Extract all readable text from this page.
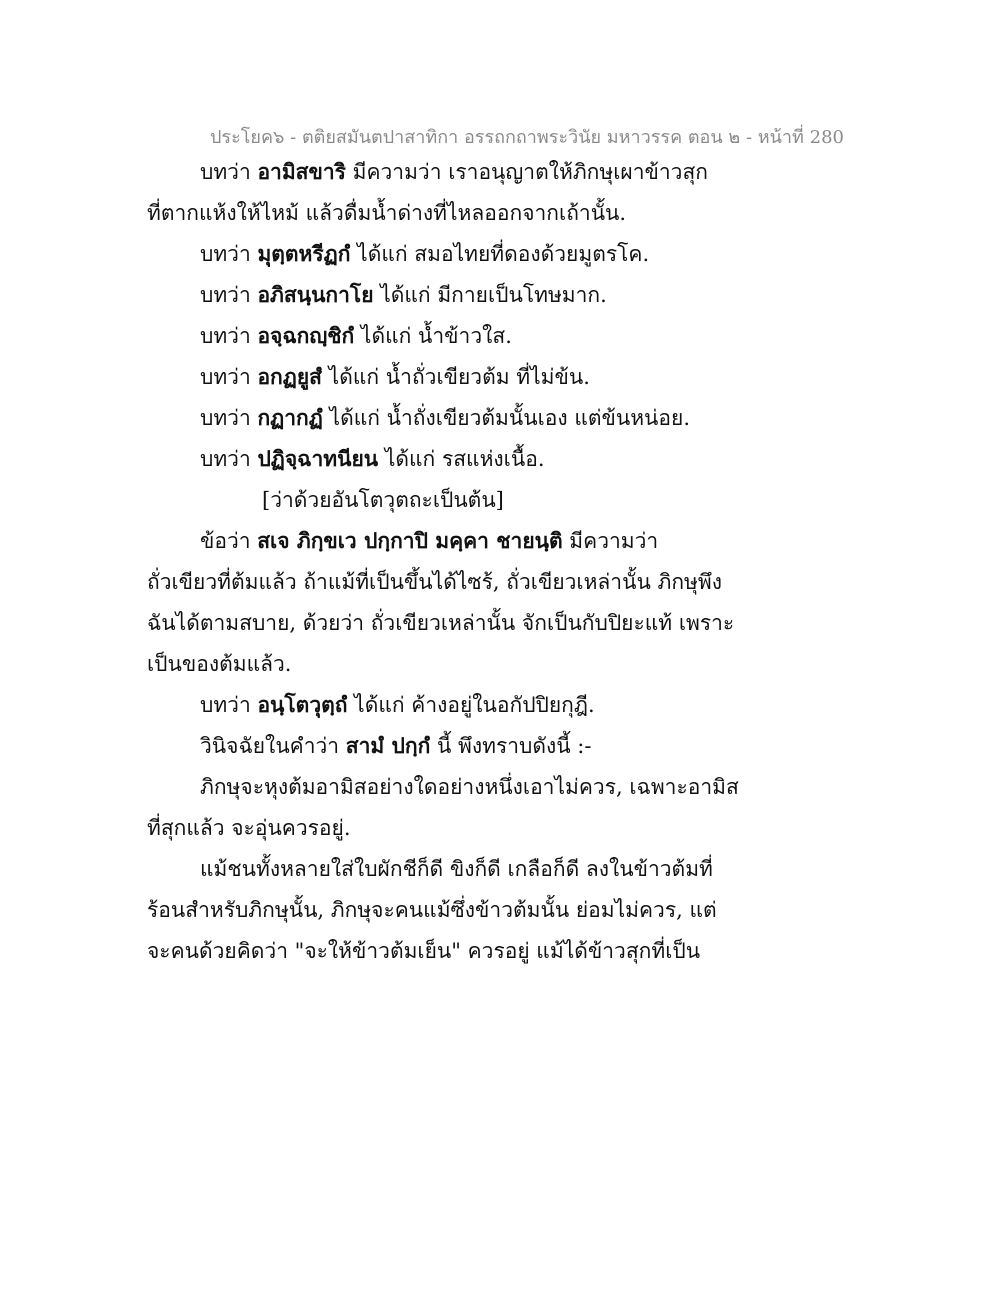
ประโยค๖ - ตติยสมันตปาสาทิกา อรรถกถาพระวินัย มหาวรรค ตอน ๒ - หน้าที่ 280
บทว่า อามิสขาริ มีความว่า เราอนุญาตให้ภิกษุเผาข้าวสุก
ที่ตากแห้งให้ไหม้ แล้วดื่มน้ำด่างที่ไหลออกจากเถ้านั้น.
บทว่า มุตฺตหรีฏกํ ได้แก่ สมอไทยที่ดองด้วยมูตรโค.
บทว่า อภิสนฺนกาโย ได้แก่ มีกายเป็นโทษมาก.
บทว่า อจฺฉกญฺชิกํ ได้แก่ น้ำข้าวใส.
บทว่า อกฏยูสํ ได้แก่ น้ำถั่วเขียวต้ม ที่ไม่ข้น.
บทว่า กฏากฏํ ได้แก่ น้ำถั่งเขียวต้มนั้นเอง แต่ข้นหน่อย.
บทว่า ปฏิจฺฉาทนียน ได้แก่ รสแห่งเนื้อ.
[ว่าด้วยอันโตวุตถะเป็นต้น]
ข้อว่า สเจ ภิกฺขเว ปกฺกาปิ มคฺคา ชายนฺติ มีความว่า
ถั่วเขียวที่ต้มแล้ว ถ้าแม้ที่เป็นขึ้นได้ไซร้, ถั่วเขียวเหล่านั้น ภิกษุพึง
ฉันได้ตามสบาย, ด้วยว่า ถั่วเขียวเหล่านั้น จักเป็นกับปิยะแท้ เพราะ
เป็นของต้มแล้ว.
บทว่า อนฺโตวุตฺถํ ได้แก่ ค้างอยู่ในอกัปปิยกุฎี.
วินิจฉัยในคำว่า สามํ ปกฺกํ นี้ พึงทราบดังนี้ :-
ภิกษุจะหุงต้มอามิสอย่างใดอย่างหนึ่งเอาไม่ควร, เฉพาะอามิส
ที่สุกแล้ว จะอุ่นควรอยู่.
แม้ชนทั้งหลายใส่ใบผักชีก็ดี ขิงก็ดี เกลือก็ดี ลงในข้าวต้มที่
ร้อนสำหรับภิกษุนั้น, ภิกษุจะคนแม้ซึ่งข้าวต้มนั้น ย่อมไม่ควร, แต่
จะคนด้วยคิดว่า "จะให้ข้าวต้มเย็น" ควรอยู่ แม้ได้ข้าวสุกที่เป็น
